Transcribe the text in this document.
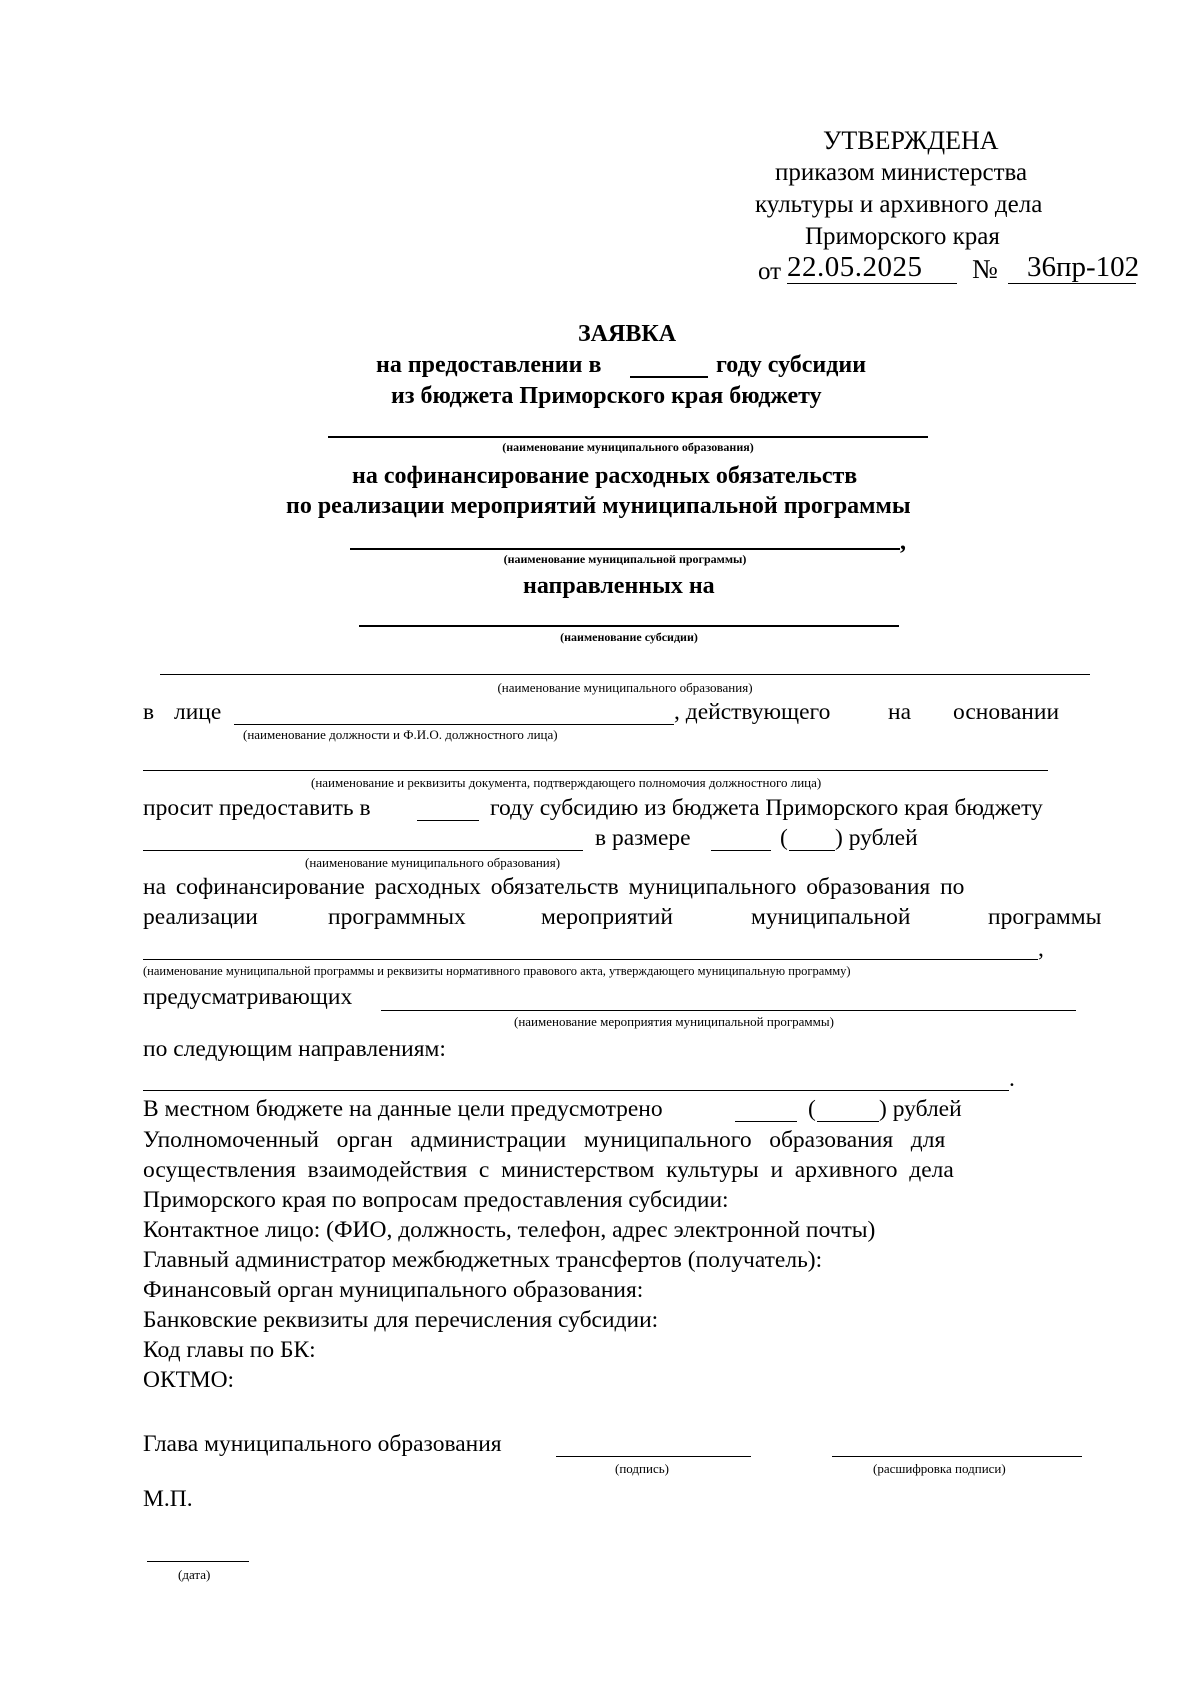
УТВЕРЖДЕНА
приказом министерства
культуры и архивного дела
Приморского края
от 22.05.2025 № 36пр-102
ЗАЯВКА
на предоставлении в	году субсидии
из бюджета Приморского края бюджету
(наименование муниципального образования)
на софинансирование расходных обязательств
по реализации мероприятий муниципальной программы
,
(наименование муниципальной программы)
направленных на
(наименование субсидии)
(наименование муниципального образования)
в лице	, действующего на основании
(наименование должности и Ф.И.О. должностного лица)
(наименование и реквизиты документа, подтверждающего полномочия должностного лица)
просит предоставить в	году субсидию из бюджета Приморского края бюджету
в размере	( ) рублей
(наименование муниципального образования)
на софинансирование расходных обязательств муниципального образования по
реализации	программных	мероприятий	муниципальной	программы
,
(наименование муниципальной программы и реквизиты нормативного правового акта, утверждающего муниципальную программу)
предусматривающих
(наименование мероприятия муниципальной программы)
по следующим направлениям:
.
В местном бюджете на данные цели предусмотрено	(	) рублей
Уполномоченный   орган   администрации   муниципального   образования   для
осуществления  взаимодействия  с  министерством  культуры  и  архивного  дела
Приморского края по вопросам предоставления субсидии:
Контактное лицо: (ФИО, должность, телефон, адрес электронной почты)
Главный администратор межбюджетных трансфертов (получатель):
Финансовый орган муниципального образования:
Банковские реквизиты для перечисления субсидии:
Код главы по БК:
ОКТМО:
Глава муниципального образования
(подпись)	(расшифровка подписи)
М.П.
(дата)
